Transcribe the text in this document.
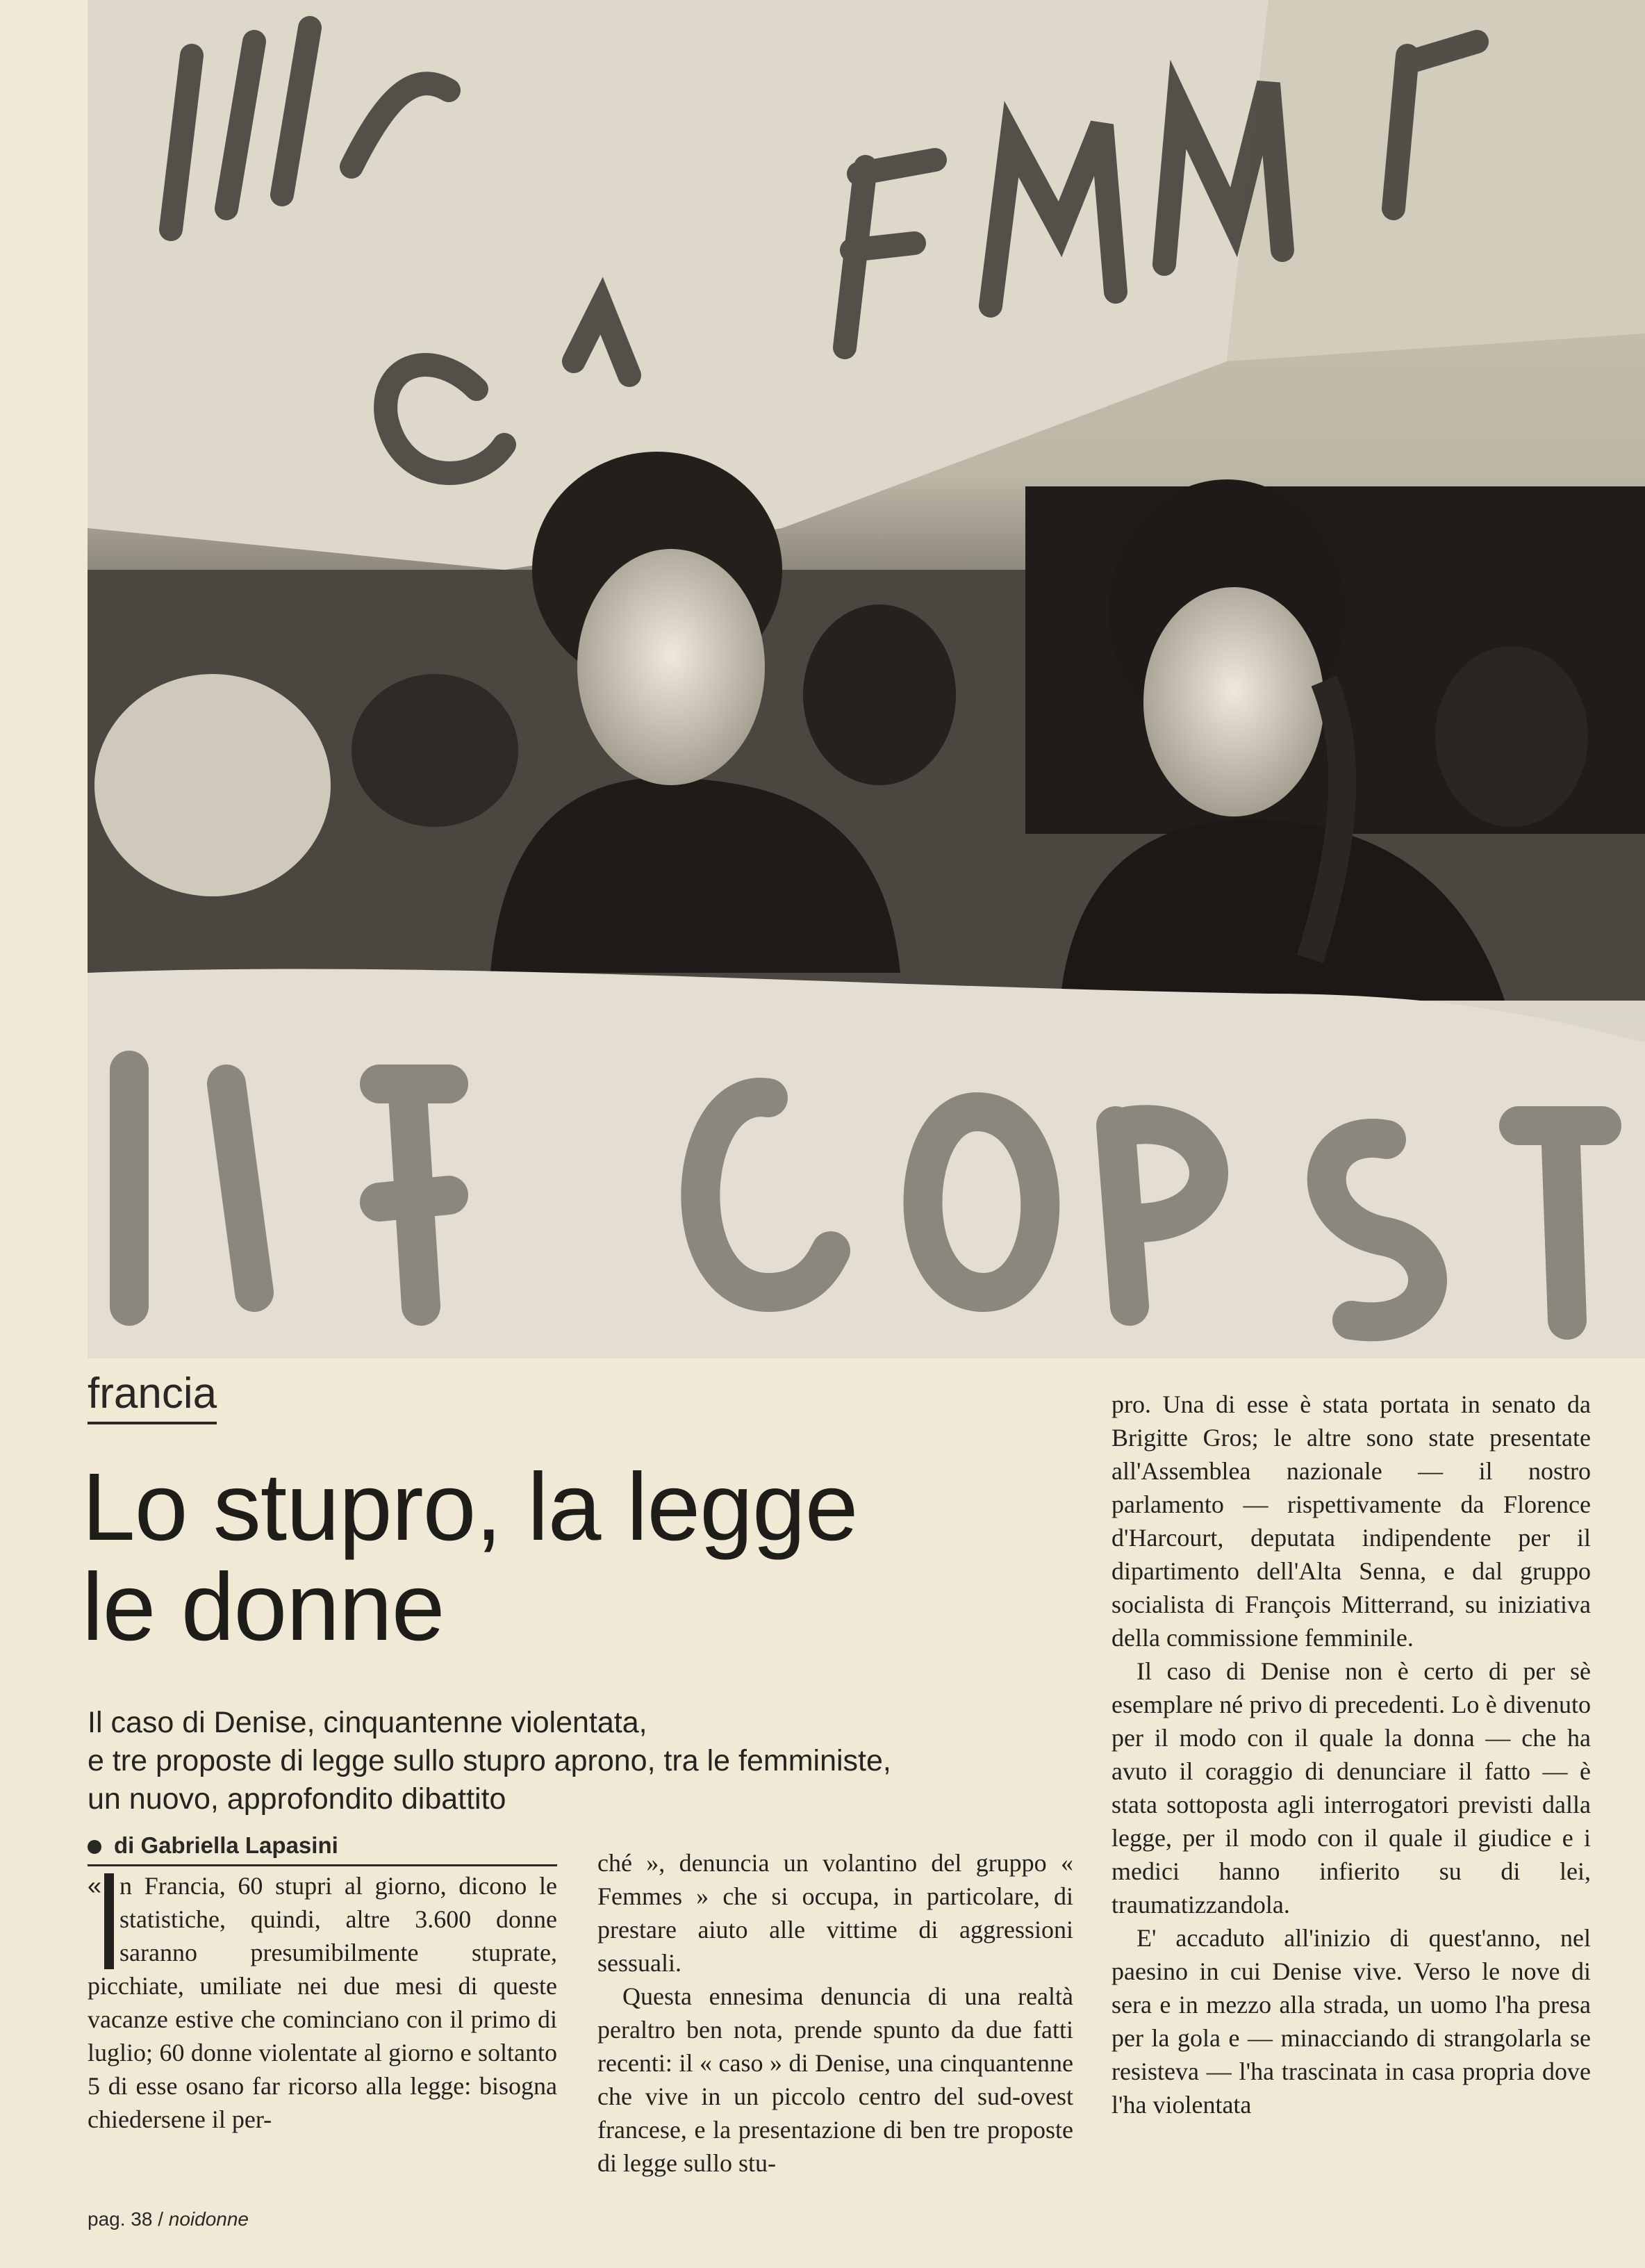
francia
Lo stupro, la legge
le donne
Il caso di Denise, cinquantenne violentata,
e tre proposte di legge sullo stupro aprono, tra le femministe,
un nuovo, approfondito dibattito
di Gabriella Lapasini

« n Francia, 60 stupri al giorno, dicono le statistiche, quindi, altre 3.600 donne saranno presumibilmente stuprate, picchiate, umiliate nei due mesi di queste vacanze estive che cominciano con il primo di luglio; 60 donne violentate al giorno e soltanto 5 di esse osano far ricorso alla legge: bisogna chiedersene il per-

ché », denuncia un volantino del gruppo « Femmes » che si occupa, in particolare, di prestare aiuto alle vittime di aggressioni sessuali.

Questa ennesima denuncia di una realtà peraltro ben nota, prende spunto da due fatti recenti: il « caso » di Denise, una cinquantenne che vive in un piccolo centro del sud-ovest francese, e la presentazione di ben tre proposte di legge sullo stu-

pro. Una di esse è stata portata in senato da Brigitte Gros; le altre sono state presentate all'Assemblea nazionale — il nostro parlamento — rispettivamente da Florence d'Harcourt, deputata indipendente per il dipartimento dell'Alta Senna, e dal gruppo socialista di François Mitterrand, su iniziativa della commissione femminile.

Il caso di Denise non è certo di per sè esemplare né privo di precedenti. Lo è divenuto per il modo con il quale la donna — che ha avuto il coraggio di denunciare il fatto — è stata sottoposta agli interrogatori previsti dalla legge, per il modo con il quale il giudice e i medici hanno infierito su di lei, traumatizzandola.

E' accaduto all'inizio di quest'anno, nel paesino in cui Denise vive. Verso le nove di sera e in mezzo alla strada, un uomo l'ha presa per la gola e — minacciando di strangolarla se resisteva — l'ha trascinata in casa propria dove l'ha violentata

pag. 38 / noidonne
